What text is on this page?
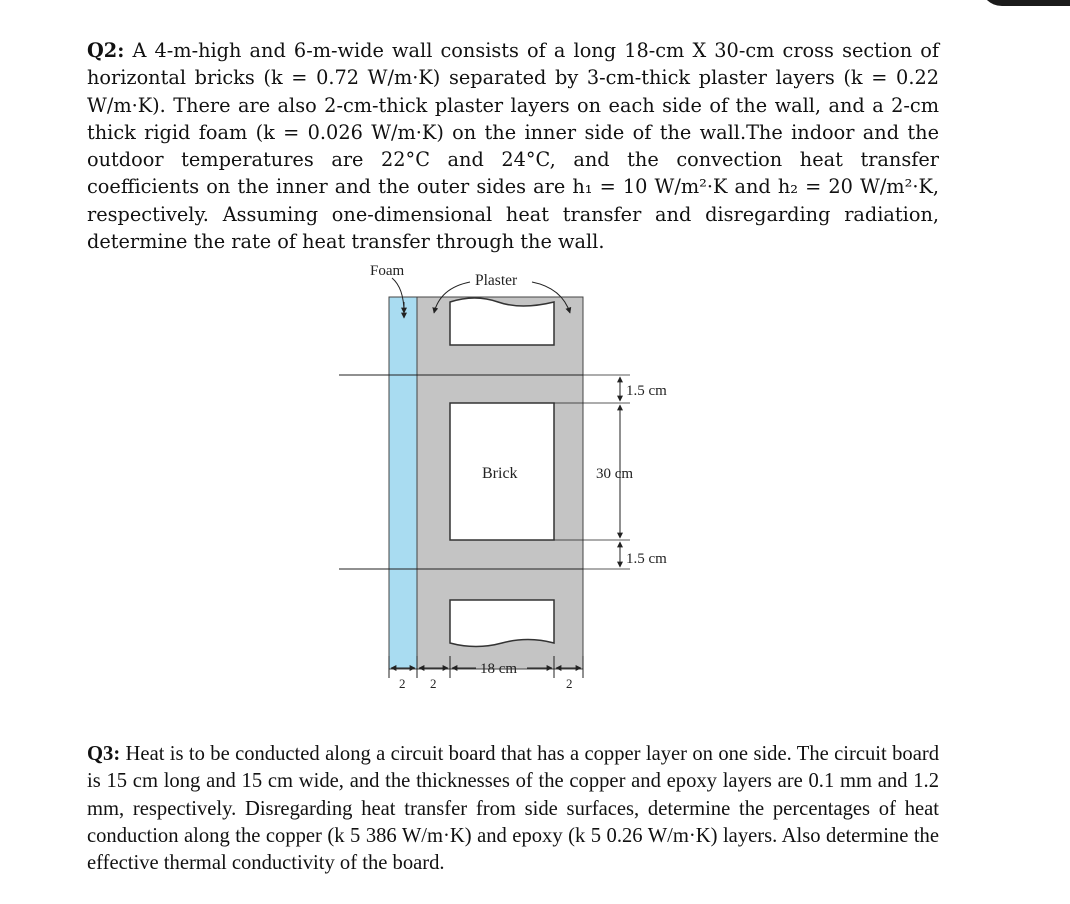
Q2: A 4-m-high and 6-m-wide wall consists of a long 18-cm X 30-cm cross section of horizontal bricks (k = 0.72 W/m·K) separated by 3-cm-thick plaster layers (k = 0.22 W/m·K). There are also 2-cm-thick plaster layers on each side of the wall, and a 2-cm thick rigid foam (k = 0.026 W/m·K) on the inner side of the wall.The indoor and the outdoor temperatures are 22°C and 24°C, and the convection heat transfer coefficients on the inner and the outer sides are h₁ = 10 W/m²·K and h₂ = 20 W/m²·K, respectively. Assuming one-dimensional heat transfer and disregarding radiation, determine the rate of heat transfer through the wall.

Foam
Plaster
Brick
1.5 cm
30 cm
1.5 cm
18 cm
2 2	2

Q3: Heat is to be conducted along a circuit board that has a copper layer on one side. The circuit board is 15 cm long and 15 cm wide, and the thicknesses of the copper and epoxy layers are 0.1 mm and 1.2 mm, respectively. Disregarding heat transfer from side surfaces, determine the percentages of heat conduction along the copper (k 5 386 W/m·K) and epoxy (k 5 0.26 W/m·K) layers. Also determine the effective thermal conductivity of the board.
